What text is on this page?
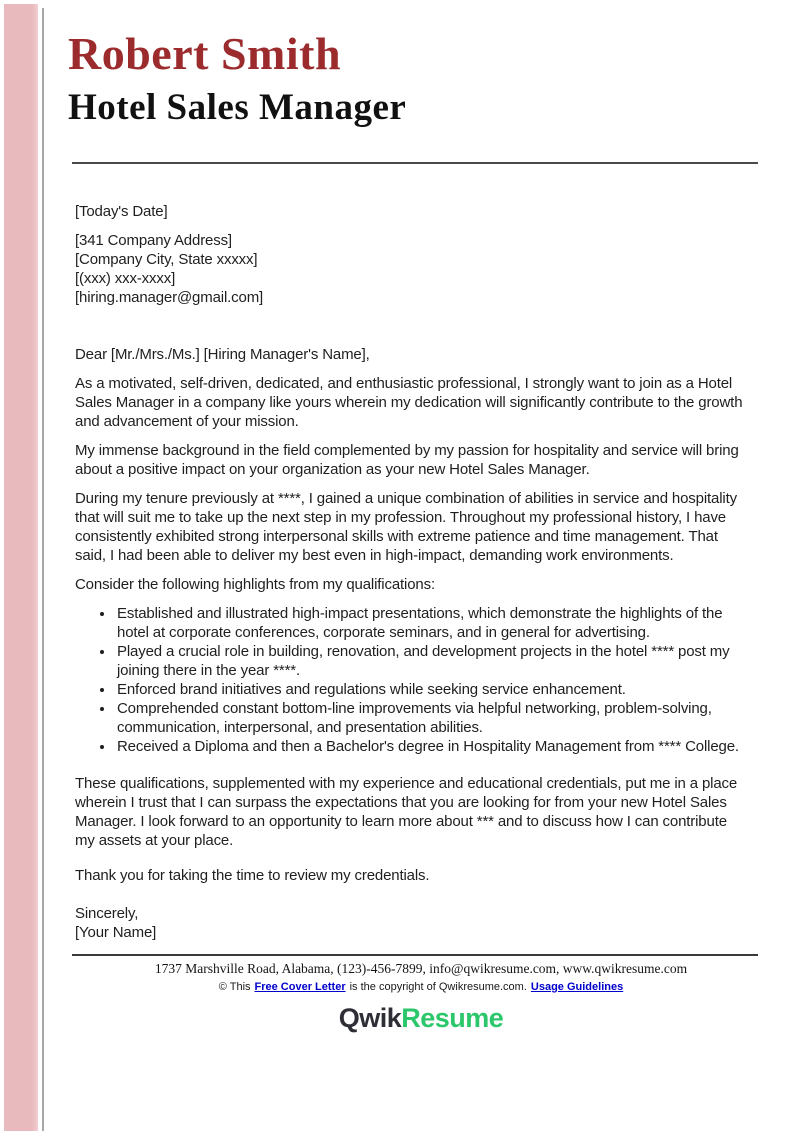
Robert Smith
Hotel Sales Manager

[Today's Date]

[341 Company Address]
[Company City, State xxxxx]
[(xxx) xxx-xxxx]
[hiring.manager@gmail.com]

Dear [Mr./Mrs./Ms.] [Hiring Manager's Name],

As a motivated, self-driven, dedicated, and enthusiastic professional, I strongly want to join as a Hotel Sales Manager in a company like yours wherein my dedication will significantly contribute to the growth and advancement of your mission.

My immense background in the field complemented by my passion for hospitality and service will bring about a positive impact on your organization as your new Hotel Sales Manager.

During my tenure previously at ****, I gained a unique combination of abilities in service and hospitality that will suit me to take up the next step in my profession. Throughout my professional history, I have consistently exhibited strong interpersonal skills with extreme patience and time management. That said, I had been able to deliver my best even in high-impact, demanding work environments.

Consider the following highlights from my qualifications:

• Established and illustrated high-impact presentations, which demonstrate the highlights of the hotel at corporate conferences, corporate seminars, and in general for advertising.
• Played a crucial role in building, renovation, and development projects in the hotel **** post my joining there in the year ****.
• Enforced brand initiatives and regulations while seeking service enhancement.
• Comprehended constant bottom-line improvements via helpful networking, problem-solving, communication, interpersonal, and presentation abilities.
• Received a Diploma and then a Bachelor's degree in Hospitality Management from **** College.

These qualifications, supplemented with my experience and educational credentials, put me in a place wherein I trust that I can surpass the expectations that you are looking for from your new Hotel Sales Manager. I look forward to an opportunity to learn more about *** and to discuss how I can contribute my assets at your place.

Thank you for taking the time to review my credentials.

Sincerely,
[Your Name]

1737 Marshville Road, Alabama, (123)-456-7899, info@qwikresume.com, www.qwikresume.com
© This Free Cover Letter is the copyright of Qwikresume.com. Usage Guidelines
QwikResume
